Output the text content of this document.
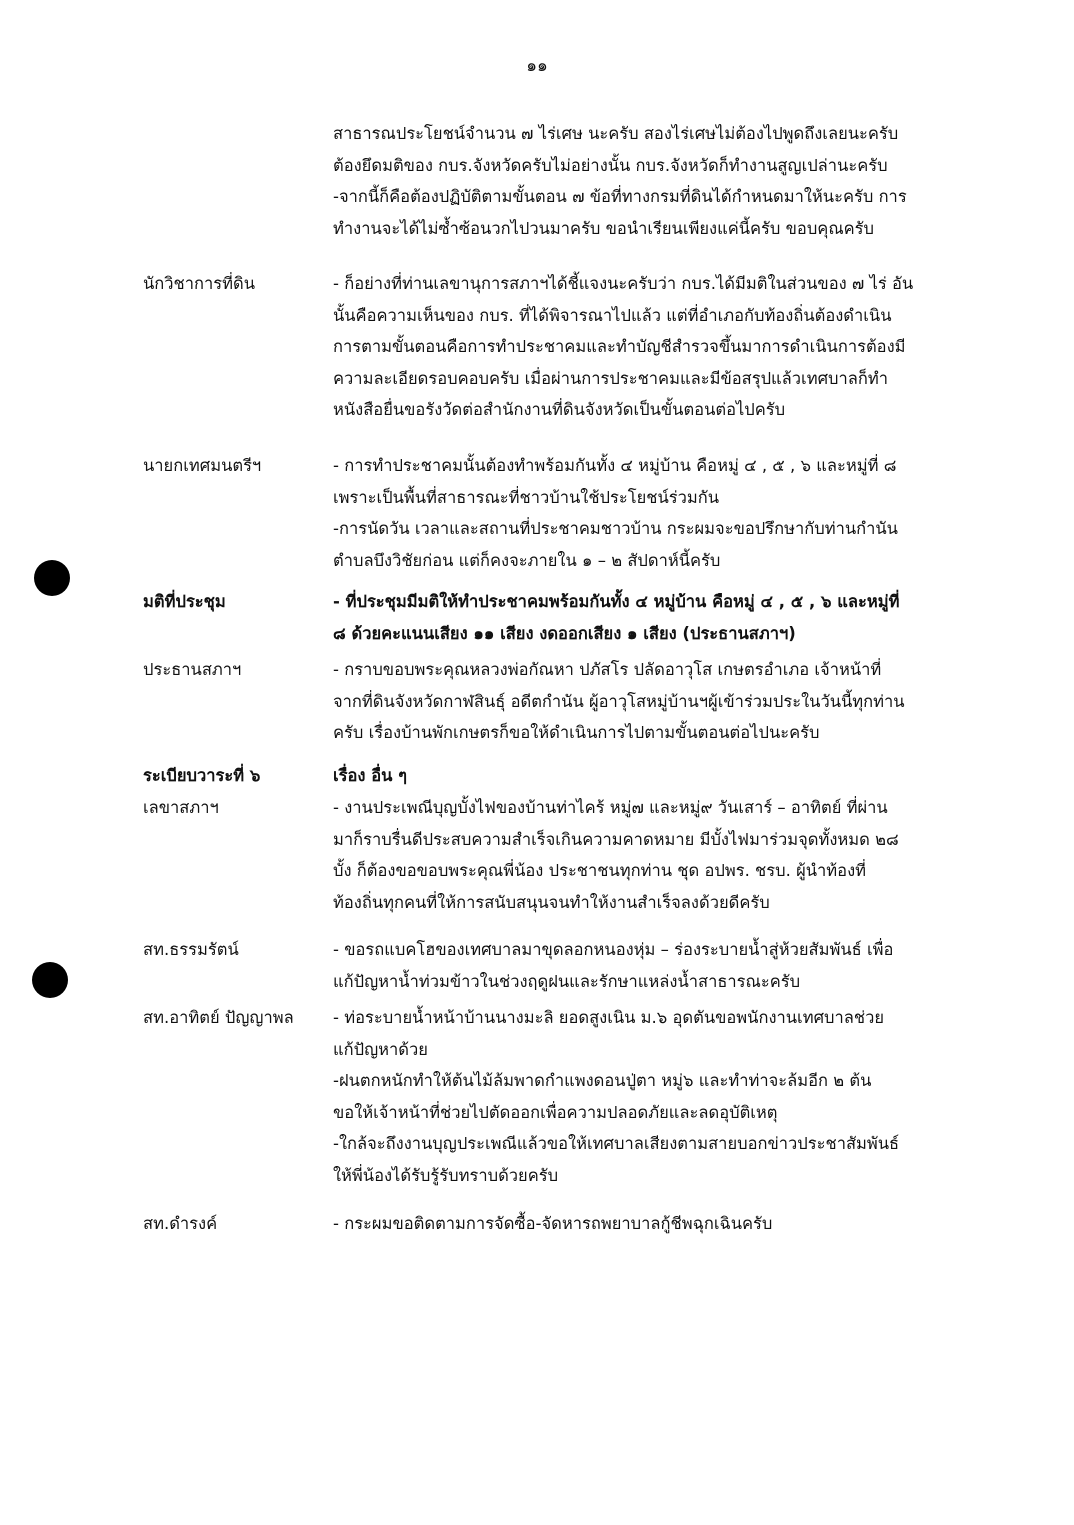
๑๑
สาธารณประโยชน์จำนวน ๗ ไร่เศษ นะครับ สองไร่เศษไม่ต้องไปพูดถึงเลยนะครับ
ต้องยึดมติของ กบร.จังหวัดครับไม่อย่างนั้น กบร.จังหวัดก็ทำงานสูญเปล่านะครับ
-จากนี้ก็คือต้องปฏิบัติตามขั้นตอน ๗ ข้อที่ทางกรมที่ดินได้กำหนดมาให้นะครับ การ
ทำงานจะได้ไม่ซ้ำซ้อนวกไปวนมาครับ ขอนำเรียนเพียงแค่นี้ครับ ขอบคุณครับ
นักวิชาการที่ดิน	- ก็อย่างที่ท่านเลขานุการสภาฯได้ชี้แจงนะครับว่า กบร.ได้มีมติในส่วนของ ๗ ไร่ อัน
นั้นคือความเห็นของ กบร. ที่ได้พิจารณาไปแล้ว แต่ที่อำเภอกับท้องถิ่นต้องดำเนิน
การตามขั้นตอนคือการทำประชาคมและทำบัญชีสำรวจขึ้นมาการดำเนินการต้องมี
ความละเอียดรอบคอบครับ เมื่อผ่านการประชาคมและมีข้อสรุปแล้วเทศบาลก็ทำ
หนังสือยื่นขอรังวัดต่อสำนักงานที่ดินจังหวัดเป็นขั้นตอนต่อไปครับ
นายกเทศมนตรีฯ	- การทำประชาคมนั้นต้องทำพร้อมกันทั้ง ๔ หมู่บ้าน คือหมู่ ๔ , ๕ , ๖ และหมู่ที่ ๘
เพราะเป็นพื้นที่สาธารณะที่ชาวบ้านใช้ประโยชน์ร่วมกัน
-การนัดวัน เวลาและสถานที่ประชาคมชาวบ้าน กระผมจะขอปรึกษากับท่านกำนัน
ตำบลบึงวิชัยก่อน แต่ก็คงจะภายใน ๑ – ๒ สัปดาห์นี้ครับ
มติที่ประชุม	- ที่ประชุมมีมติให้ทำประชาคมพร้อมกันทั้ง ๔ หมู่บ้าน คือหมู่ ๔ , ๕ , ๖ และหมู่ที่
๘ ด้วยคะแนนเสียง ๑๑ เสียง งดออกเสียง ๑ เสียง (ประธานสภาฯ)
ประธานสภาฯ	- กราบขอบพระคุณหลวงพ่อกัณหา ปภัสโร ปลัดอาวุโส เกษตรอำเภอ เจ้าหน้าที่
จากที่ดินจังหวัดกาฬสินธุ์ อดีตกำนัน ผู้อาวุโสหมู่บ้านฯผู้เข้าร่วมประในวันนี้ทุกท่าน
ครับ เรื่องบ้านพักเกษตรก็ขอให้ดำเนินการไปตามขั้นตอนต่อไปนะครับ
ระเบียบวาระที่ ๖	เรื่อง อื่น ๆ
เลขาสภาฯ	- งานประเพณีบุญบั้งไฟของบ้านท่าไคร้ หมู่๗ และหมู่๙ วันเสาร์ – อาทิตย์ ที่ผ่าน
มาก็ราบรื่นดีประสบความสำเร็จเกินความคาดหมาย มีบั้งไฟมาร่วมจุดทั้งหมด ๒๘
บั้ง ก็ต้องขอขอบพระคุณพี่น้อง ประชาชนทุกท่าน ชุด อปพร. ชรบ. ผู้นำท้องที่
ท้องถิ่นทุกคนที่ให้การสนับสนุนจนทำให้งานสำเร็จลงด้วยดีครับ
สท.ธรรมรัตน์	- ขอรถแบคโฮของเทศบาลมาขุดลอกหนองหุ่ม – ร่องระบายน้ำสู่ห้วยสัมพันธ์ เพื่อ
แก้ปัญหาน้ำท่วมข้าวในช่วงฤดูฝนและรักษาแหล่งน้ำสาธารณะครับ
สท.อาทิตย์ ปัญญาพล	- ท่อระบายน้ำหน้าบ้านนางมะลิ ยอดสูงเนิน ม.๖ อุดตันขอพนักงานเทศบาลช่วย
แก้ปัญหาด้วย
-ฝนตกหนักทำให้ต้นไม้ล้มพาดกำแพงดอนปู่ตา หมู่๖ และทำท่าจะล้มอีก ๒ ต้น
ขอให้เจ้าหน้าที่ช่วยไปตัดออกเพื่อความปลอดภัยและลดอุบัติเหตุ
-ใกล้จะถึงงานบุญประเพณีแล้วขอให้เทศบาลเสียงตามสายบอกข่าวประชาสัมพันธ์
ให้พี่น้องได้รับรู้รับทราบด้วยครับ
สท.ดำรงค์	- กระผมขอติดตามการจัดซื้อ-จัดหารถพยาบาลกู้ชีพฉุกเฉินครับ
